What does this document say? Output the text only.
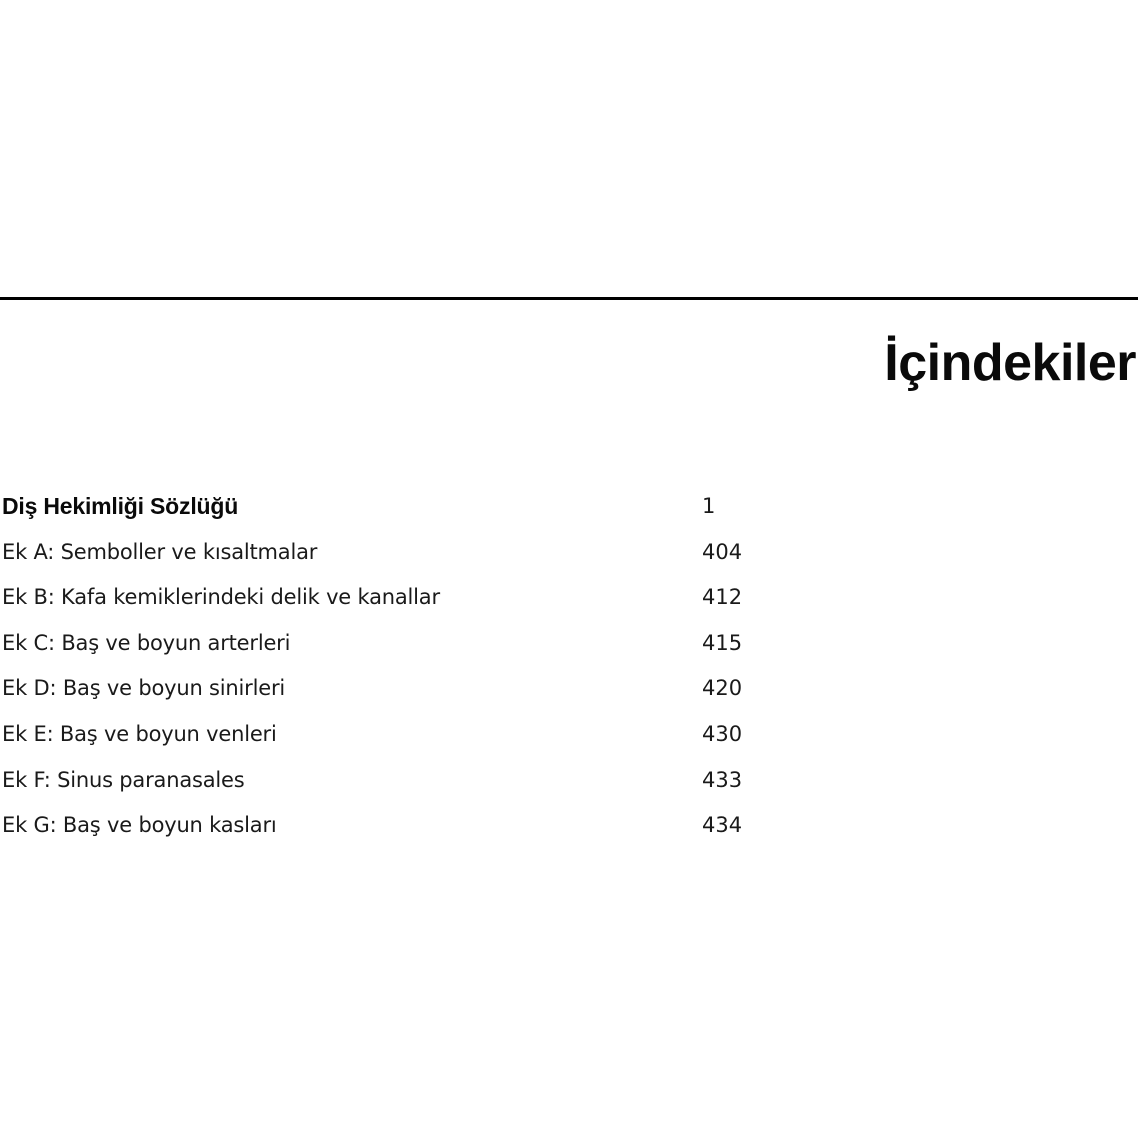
İçindekiler
Diş Hekimliği Sözlüğü	1
Ek A: Semboller ve kısaltmalar	404
Ek B: Kafa kemiklerindeki delik ve kanallar	412
Ek C: Baş ve boyun arterleri	415
Ek D: Baş ve boyun sinirleri	420
Ek E: Baş ve boyun venleri	430
Ek F: Sinus paranasales	433
Ek G: Baş ve boyun kasları	434
